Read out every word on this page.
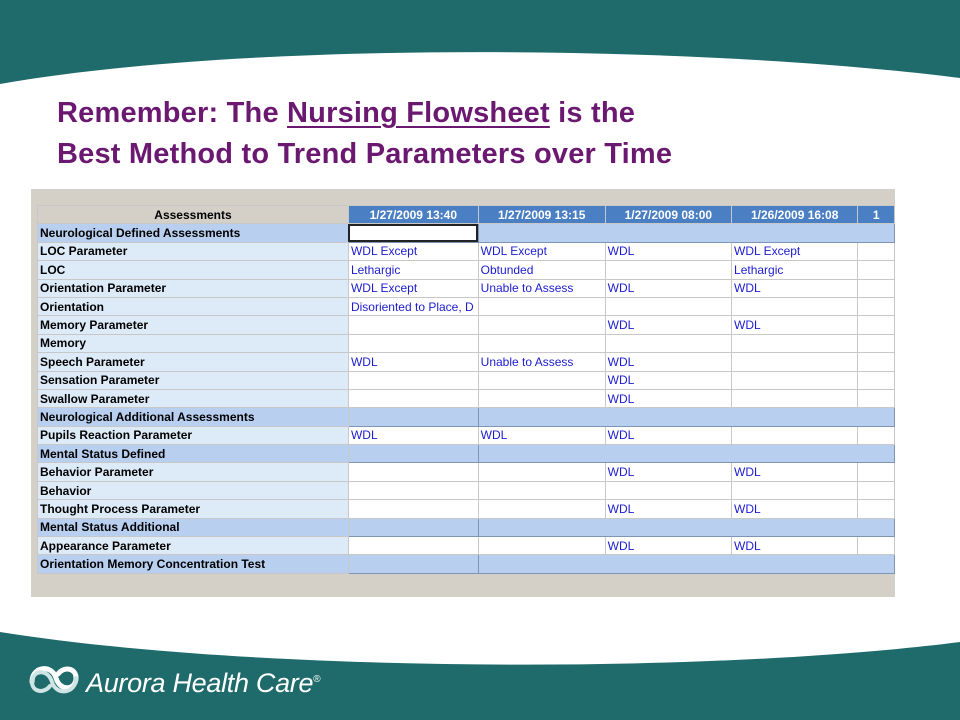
Remember: The Nursing Flowsheet is the
Best Method to Trend Parameters over Time
Assessments	1/27/2009 13:40	1/27/2009 13:15	1/27/2009 08:00	1/26/2009 16:08	1
Neurological Defined Assessments					
LOC Parameter	WDL Except	WDL Except	WDL	WDL Except	
LOC	Lethargic	Obtunded		Lethargic	
Orientation Parameter	WDL Except	Unable to Assess	WDL	WDL	
Orientation	Disoriented to Place, D				
Memory Parameter			WDL	WDL	
Memory					
Speech Parameter	WDL	Unable to Assess	WDL		
Sensation Parameter			WDL		
Swallow Parameter			WDL		
Neurological Additional Assessments					
Pupils Reaction Parameter	WDL	WDL	WDL		
Mental Status Defined					
Behavior Parameter			WDL	WDL	
Behavior					
Thought Process Parameter			WDL	WDL	
Mental Status Additional					
Appearance Parameter			WDL	WDL	
Orientation Memory Concentration Test					
Aurora Health Care®
